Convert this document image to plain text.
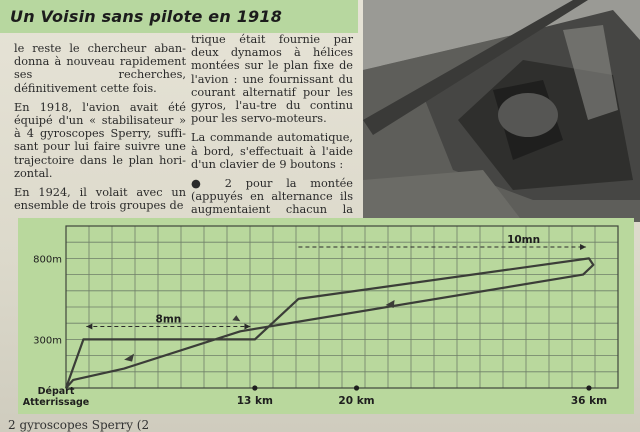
Un Voisin sans pilote en 1918

le reste le chercheur aban-donna à nouveau rapidement ses recherches, définitivement cette fois.

En 1918, l'avion avait été équipé d'un « stabilisateur » à 4 gyroscopes Sperry, suffi-sant pour lui faire suivre une trajectoire dans le plan hori-zontal.

En 1924, il volait avec un ensemble de trois groupes de

trique était fournie par deux dynamos à hélices montées sur le plan fixe de l'avion : une fournissant du courant alternatif pour les gyros, l'au-tre du continu pour les servo-moteurs.

La commande automatique, à bord, s'effectuait à l'aide d'un clavier de 9 boutons :

● 2 pour la montée (appuyés en alternance ils augmentaient chacun la

800m
300m
13 km	20 km	36 km
Départ
Atterrissage
8mn
10mn
2 gyroscopes Sperry (2
